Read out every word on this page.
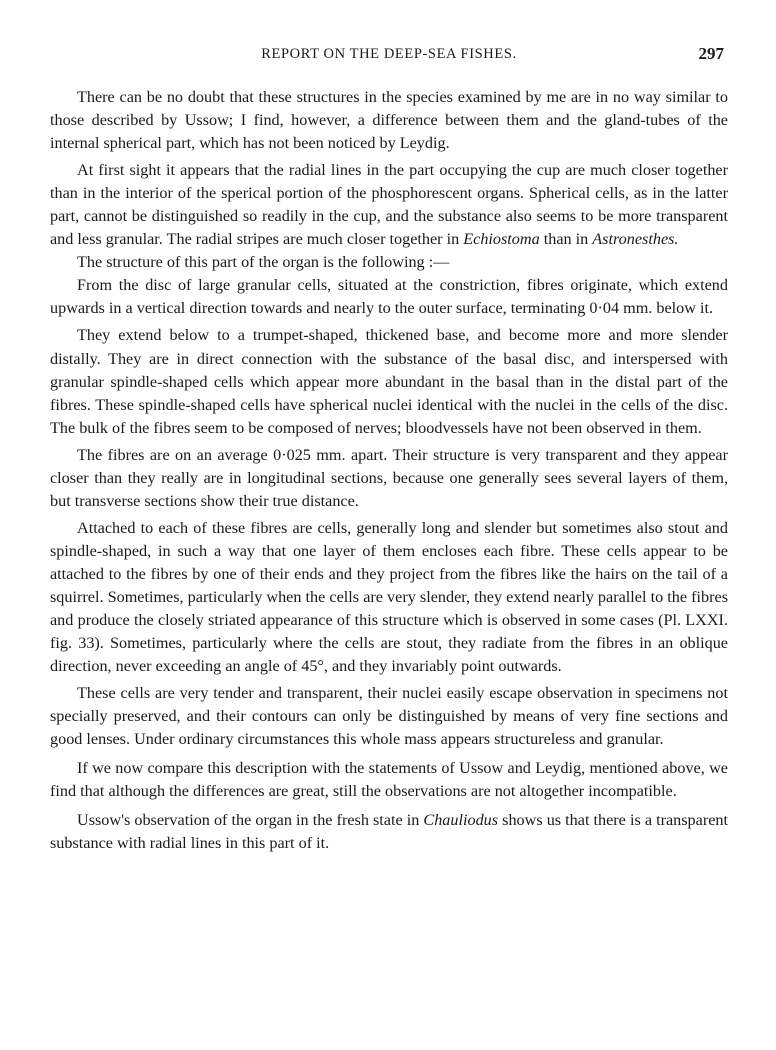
REPORT ON THE DEEP-SEA FISHES.	297

There can be no doubt that these structures in the species examined by me are in no way similar to those described by Ussow; I find, however, a difference between them and the gland-tubes of the internal spherical part, which has not been noticed by Leydig.

At first sight it appears that the radial lines in the part occupying the cup are much closer together than in the interior of the sperical portion of the phosphorescent organs. Spherical cells, as in the latter part, cannot be distinguished so readily in the cup, and the substance also seems to be more transparent and less granular. The radial stripes are much closer together in Echiostoma than in Astronesthes.

The structure of this part of the organ is the following :—

From the disc of large granular cells, situated at the constriction, fibres originate, which extend upwards in a vertical direction towards and nearly to the outer surface, terminating 0·04 mm. below it.

They extend below to a trumpet-shaped, thickened base, and become more and more slender distally. They are in direct connection with the substance of the basal disc, and interspersed with granular spindle-shaped cells which appear more abundant in the basal than in the distal part of the fibres. These spindle-shaped cells have spherical nuclei identical with the nuclei in the cells of the disc. The bulk of the fibres seem to be composed of nerves; bloodvessels have not been observed in them.

The fibres are on an average 0·025 mm. apart. Their structure is very transparent and they appear closer than they really are in longitudinal sections, because one generally sees several layers of them, but transverse sections show their true distance.

Attached to each of these fibres are cells, generally long and slender but sometimes also stout and spindle-shaped, in such a way that one layer of them encloses each fibre. These cells appear to be attached to the fibres by one of their ends and they project from the fibres like the hairs on the tail of a squirrel. Sometimes, particularly when the cells are very slender, they extend nearly parallel to the fibres and produce the closely striated appearance of this structure which is observed in some cases (Pl. LXXI. fig. 33). Sometimes, particularly where the cells are stout, they radiate from the fibres in an oblique direction, never exceeding an angle of 45°, and they invariably point outwards.

These cells are very tender and transparent, their nuclei easily escape observation in specimens not specially preserved, and their contours can only be distinguished by means of very fine sections and good lenses. Under ordinary circumstances this whole mass appears structureless and granular.

If we now compare this description with the statements of Ussow and Leydig, mentioned above, we find that although the differences are great, still the observations are not altogether incompatible.

Ussow's observation of the organ in the fresh state in Chauliodus shows us that there is a transparent substance with radial lines in this part of it.
